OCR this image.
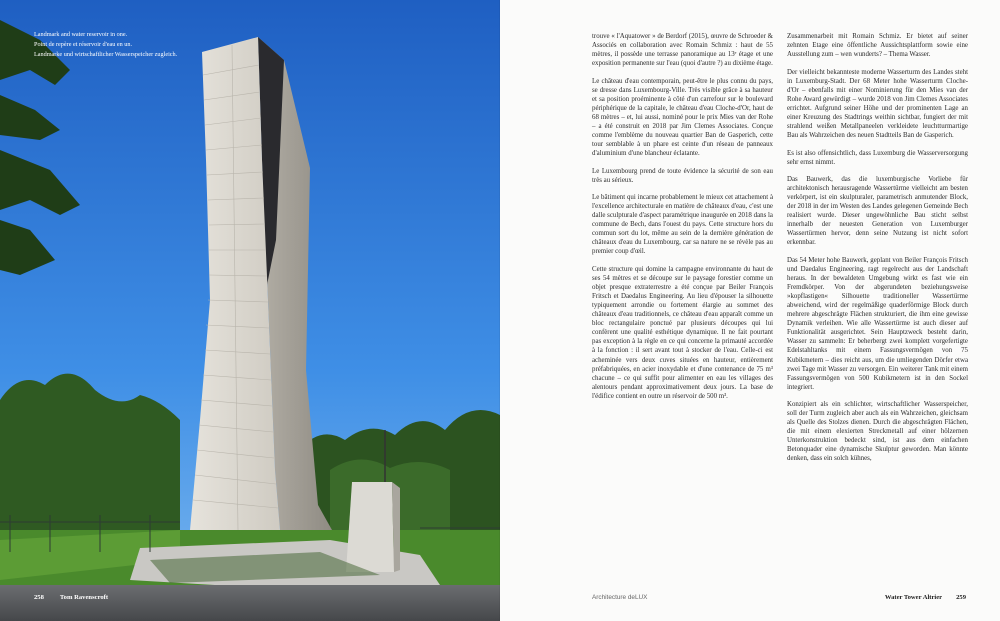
Landmark and water reservoir in one.

Point de repère et réservoir d'eau en un.

Landmarke und wirtschaftlicher Wasserspeicher zugleich.

258 Tom Ravenscroft

trouve « l'Aquatower » de Berdorf (2015), œuvre de Schroeder & Associés en collaboration avec Romain Schmiz : haut de 55 mètres, il possède une terrasse panoramique au 13ᵉ étage et une exposition permanente sur l'eau (quoi d'autre ?) au dixième étage.

Le château d'eau contemporain, peut-être le plus connu du pays, se dresse dans Luxembourg-Ville. Très visible grâce à sa hauteur et sa position proéminente à côté d'un carrefour sur le boulevard périphérique de la capitale, le château d'eau Cloche-d'Or, haut de 68 mètres – et, lui aussi, nominé pour le prix Mies van der Rohe – a été construit en 2018 par Jim Clemes Associates. Conçue comme l'emblème du nouveau quartier Ban de Gasperich, cette tour semblable à un phare est ceinte d'un réseau de panneaux d'aluminium d'une blancheur éclatante.

Le Luxembourg prend de toute évidence la sécurité de son eau très au sérieux.

Le bâtiment qui incarne probablement le mieux cet attachement à l'excellence architecturale en matière de châteaux d'eau, c'est une dalle sculpturale d'aspect paramétrique inaugurée en 2018 dans la commune de Bech, dans l'ouest du pays. Cette structure hors du commun sort du lot, même au sein de la dernière génération de châteaux d'eau du Luxembourg, car sa nature ne se révèle pas au premier coup d'œil.

Cette structure qui domine la campagne environnante du haut de ses 54 mètres et se découpe sur le paysage forestier comme un objet presque extraterrestre a été conçue par Beiler François Fritsch et Daedalus Engineering. Au lieu d'épouser la silhouette typiquement arrondie ou fortement élargie au sommet des châteaux d'eau traditionnels, ce château d'eau apparaît comme un bloc rectangulaire ponctué par plusieurs découpes qui lui confèrent une qualité esthétique dynamique. Il ne fait pourtant pas exception à la règle en ce qui concerne la primauté accordée à la fonction : il sert avant tout à stocker de l'eau. Celle-ci est acheminée vers deux cuves situées en hauteur, entièrement préfabriquées, en acier inoxydable et d'une contenance de 75 m³ chacune – ce qui suffit pour alimenter en eau les villages des alentours pendant approximativement deux jours. La base de l'édifice contient en outre un réservoir de 500 m³.

Zusammenarbeit mit Romain Schmiz. Er bietet auf seiner zehnten Etage eine öffentliche Aussichtsplattform sowie eine Ausstellung zum – wen wunderts? – Thema Wasser.

Der vielleicht bekannteste moderne Wasserturm des Landes steht in Luxemburg-Stadt. Der 68 Meter hohe Wasserturm Cloche-d'Or – ebenfalls mit einer Nominierung für den Mies van der Rohe Award gewürdigt – wurde 2018 von Jim Clemes Associates errichtet. Aufgrund seiner Höhe und der prominenten Lage an einer Kreuzung des Stadtrings weithin sichtbar, fungiert der mit strahlend weißen Metallpaneelen verkleidete leuchtturmartige Bau als Wahrzeichen des neuen Stadtteils Ban de Gasperich.

Es ist also offensichtlich, dass Luxemburg die Wasserversorgung sehr ernst nimmt.

Das Bauwerk, das die luxemburgische Vorliebe für architektonisch herausragende Wassertürme vielleicht am besten verkörpert, ist ein skulpturaler, parametrisch anmutender Block, der 2018 in der im Westen des Landes gelegenen Gemeinde Bech realisiert wurde. Dieser ungewöhnliche Bau sticht selbst innerhalb der neuesten Generation von Luxemburger Wassertürmen hervor, denn seine Nutzung ist nicht sofort erkennbar.

Das 54 Meter hohe Bauwerk, geplant von Beiler François Fritsch und Daedalus Engineering, ragt regelrecht aus der Landschaft heraus. In der bewaldeten Umgebung wirkt es fast wie ein Fremdkörper. Von der abgerundeten beziehungsweise »kopflastigen« Silhouette traditioneller Wassertürme abweichend, wird der regelmäßige quaderförmige Block durch mehrere abgeschrägte Flächen strukturiert, die ihm eine gewisse Dynamik verleihen. Wie alle Wassertürme ist auch dieser auf Funktionalität ausgerichtet. Sein Hauptzweck besteht darin, Wasser zu sammeln: Er beherbergt zwei komplett vorgefertigte Edelstahltanks mit einem Fassungsvermögen von 75 Kubikmetern – dies reicht aus, um die umliegenden Dörfer etwa zwei Tage mit Wasser zu versorgen. Ein weiterer Tank mit einem Fassungsvermögen von 500 Kubikmetern ist in den Sockel integriert.

Konzipiert als ein schlichter, wirtschaftlicher Wasserspeicher, soll der Turm zugleich aber auch als ein Wahrzeichen, gleichsam als Quelle des Stolzes dienen. Durch die abgeschrägten Flächen, die mit einem elexierten Streckmetall auf einer hölzernen Unterkonstruktion bedeckt sind, ist aus dem einfachen Betonquader eine dynamische Skulptur geworden. Man könnte denken, dass ein solch kühnes,

Architecture deLUX	Water Tower Altrier 259
